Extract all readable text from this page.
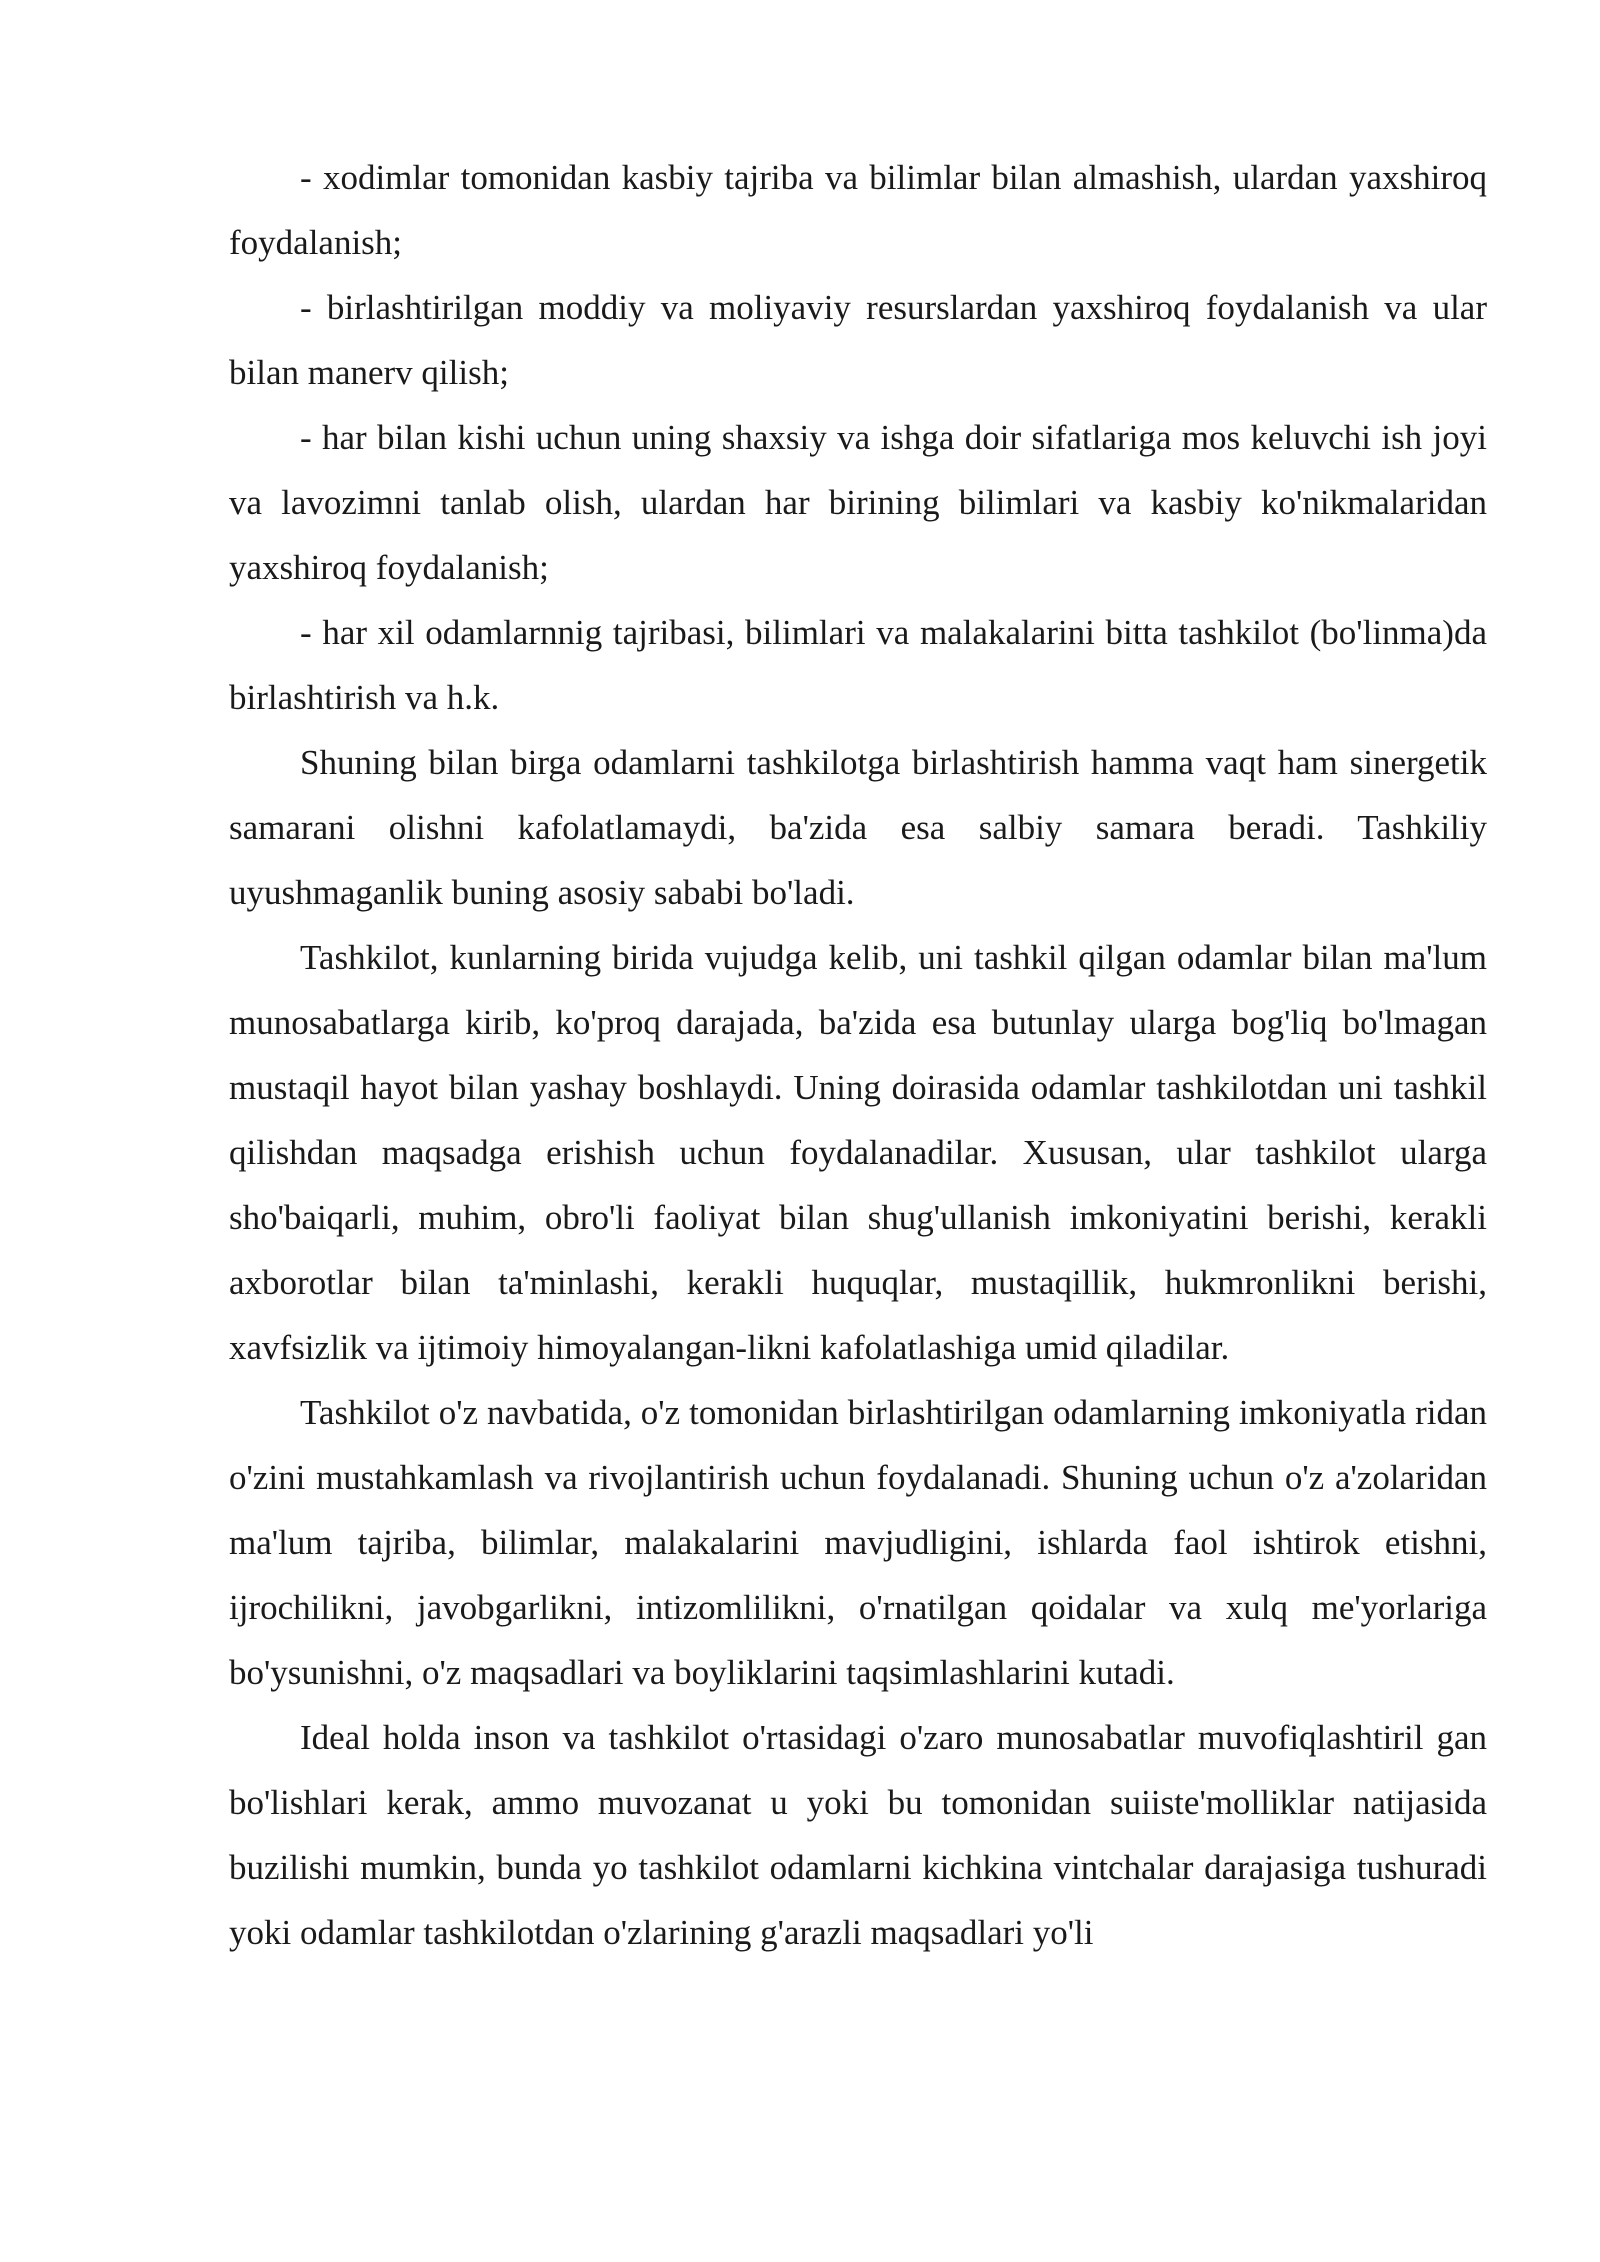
- xodimlar tomonidan kasbiy tajriba va bilimlar bilan almashish, ulardan yaxshiroq foydalanish;

- birlashtirilgan moddiy va moliyaviy resurslardan yaxshiroq foydalanish va ular bilan manerv qilish;

- har bilan kishi uchun uning shaxsiy va ishga doir sifatlariga mos keluvchi ish joyi va lavozimni tanlab olish, ulardan har birining bilimlari va kasbiy ko'nikmalaridan yaxshiroq foydalanish;

- har xil odamlarnnig tajribasi, bilimlari va malakalarini bitta tashkilot (bo'linma)da birlashtirish va h.k.

Shuning bilan birga odamlarni tashkilotga birlashtirish hamma vaqt ham sinergetik samarani olishni kafolatlamaydi, ba'zida esa salbiy samara beradi. Tashkiliy uyushmaganlik buning asosiy sababi bo'ladi.

Tashkilot, kunlarning birida vujudga kelib, uni tashkil qilgan odamlar bilan ma'lum munosabatlarga kirib, ko'proq darajada, ba'zida esa butunlay ularga bog'liq bo'lmagan mustaqil hayot bilan yashay boshlaydi. Uning doirasida odamlar tashkilotdan uni tashkil qilishdan maqsadga erishish uchun foydalanadilar. Xususan, ular tashkilot ularga sho'baiqarli, muhim, obro'li faoliyat bilan shug'ullanish imkoniyatini berishi, kerakli axborotlar bilan ta'minlashi, kerakli huquqlar, mustaqillik, hukmronlikni berishi, xavfsizlik va ijtimoiy himoyalangan-likni kafolatlashiga umid qiladilar.

Tashkilot o'z navbatida, o'z tomonidan birlashtirilgan odamlarning imkoniyatla ridan o'zini mustahkamlash va rivojlantirish uchun foydalanadi. Shuning uchun o'z a'zolaridan ma'lum tajriba, bilimlar, malakalarini mavjudligini, ishlarda faol ishtirok etishni, ijrochilikni, javobgarlikni, intizomlilikni, o'rnatilgan qoidalar va xulq me'yorlariga bo'ysunishni, o'z maqsadlari va boyliklarini taqsimlashlarini kutadi.

Ideal holda inson va tashkilot o'rtasidagi o'zaro munosabatlar muvofiqlashtiril gan bo'lishlari kerak, ammo muvozanat u yoki bu tomonidan suiiste'molliklar natijasida buzilishi mumkin, bunda yo tashkilot odamlarni kichkina vintchalar darajasiga tushuradi yoki odamlar tashkilotdan o'zlarining g'arazli maqsadlari yo'li
